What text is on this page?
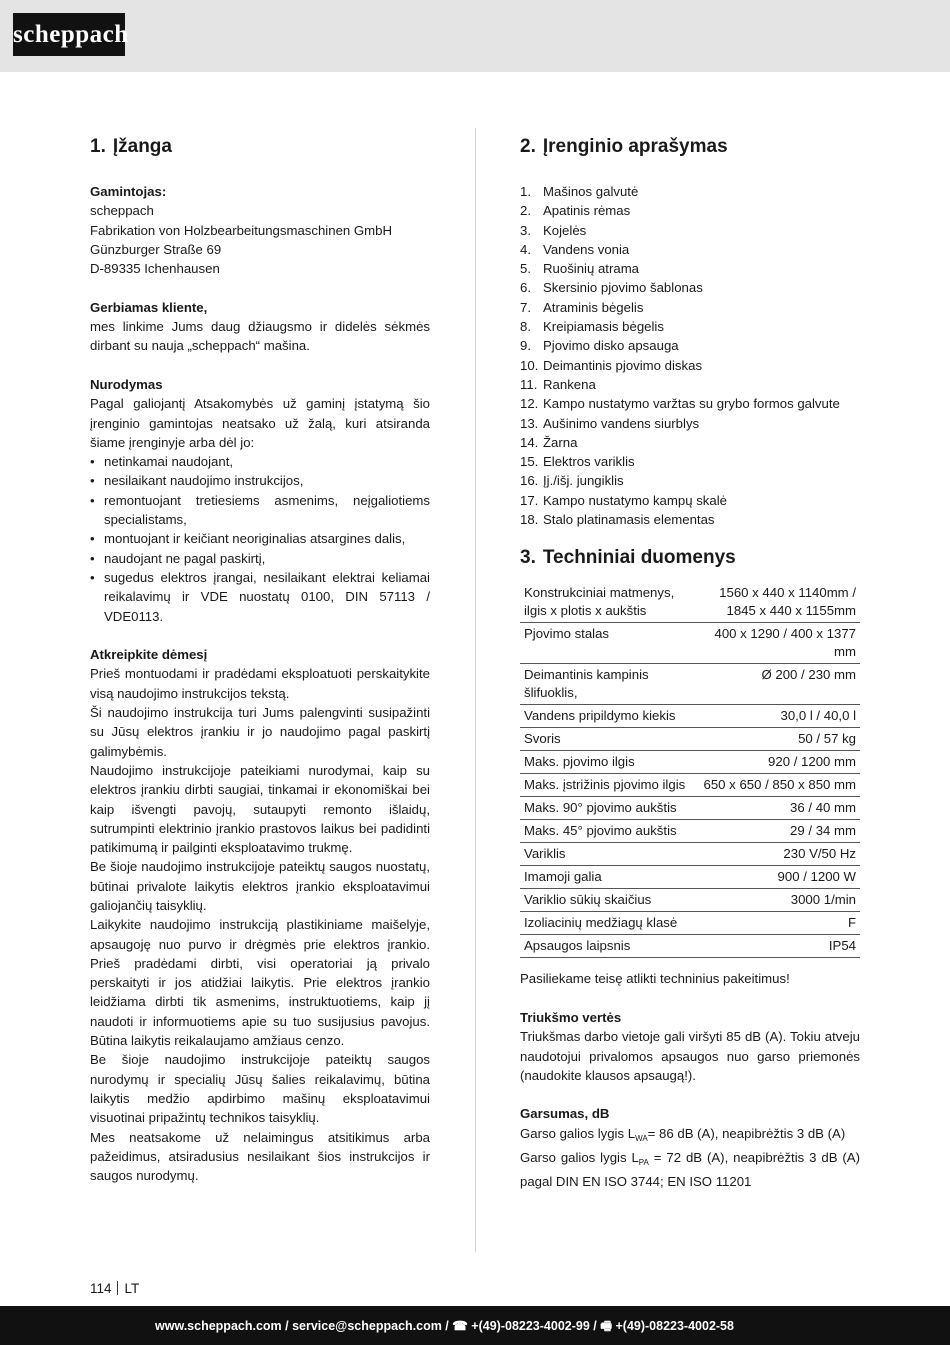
scheppach
1. Įžanga

Gamintojas:

scheppach

Fabrikation von Holzbearbeitungsmaschinen GmbH

Günzburger Straße 69

D-89335 Ichenhausen

Gerbiamas kliente,

mes linkime Jums daug džiaugsmo ir didelės sėkmės dirbant su nauja „scheppach“ mašina.

Nurodymas

Pagal galiojantį Atsakomybės už gaminį įstatymą šio įrenginio gamintojas neatsako už žalą, kuri atsiranda šiame įrenginyje arba dėl jo:

• netinkamai naudojant,
• nesilaikant naudojimo instrukcijos,
• remontuojant tretiesiems asmenims, neįgaliotiems specialistams,
• montuojant ir keičiant neoriginalias atsargines dalis,
• naudojant ne pagal paskirtį,
• sugedus elektros įrangai, nesilaikant elektrai keliamai reikalavimų ir VDE nuostatų 0100, DIN 57113 / VDE0113.

Atkreipkite dėmesį

Prieš montuodami ir pradėdami eksploatuoti perskaitykite visą naudojimo instrukcijos tekstą.

Ši naudojimo instrukcija turi Jums palengvinti susipažinti su Jūsų elektros įrankiu ir jo naudojimo pagal paskirtį galimybėmis.

Naudojimo instrukcijoje pateikiami nurodymai, kaip su elektros įrankiu dirbti saugiai, tinkamai ir ekonomiškai bei kaip išvengti pavojų, sutaupyti remonto išlaidų, sutrumpinti elektrinio įrankio prastovos laikus bei padidinti patikimumą ir pailginti eksploatavimo trukmę.

Be šioje naudojimo instrukcijoje pateiktų saugos nuostatų, būtinai privalote laikytis elektros įrankio eksploatavimui galiojančių taisyklių.

Laikykite naudojimo instrukciją plastikiniame maišelyje, apsaugoję nuo purvo ir drėgmės prie elektros įrankio. Prieš pradėdami dirbti, visi operatoriai ją privalo perskaityti ir jos atidžiai laikytis. Prie elektros įrankio leidžiama dirbti tik asmenims, instruktuotiems, kaip jį naudoti ir informuotiems apie su tuo susijusius pavojus. Būtina laikytis reikalaujamo amžiaus cenzo.

Be šioje naudojimo instrukcijoje pateiktų saugos nurodymų ir specialių Jūsų šalies reikalavimų, būtina laikytis medžio apdirbimo mašinų eksploatavimui visuotinai pripažintų technikos taisyklių.

Mes neatsakome už nelaimingus atsitikimus arba pažeidimus, atsiradusius nesilaikant šios instrukcijos ir saugos nurodymų.

2. Įrenginio aprašymas
1. Mašinos galvutė
2. Apatinis rėmas
3. Kojelės
4. Vandens vonia
5. Ruošinių atrama
6. Skersinio pjovimo šablonas
7. Atraminis bėgelis
8. Kreipiamasis bėgelis
9. Pjovimo disko apsauga
10. Deimantinis pjovimo diskas
11. Rankena
12. Kampo nustatymo varžtas su grybo formos galvute
13. Aušinimo vandens siurblys
14. Žarna
15. Elektros variklis
16. Įj./išj. jungiklis
17. Kampo nustatymo kampų skalė
18. Stalo platinamasis elementas
3. Techniniai duomenys
Konstrukciniai matmenys, ilgis x plotis x aukštis	1560 x 440 x 1140mm / 1845 x 440 x 1155mm
Pjovimo stalas	400 x 1290 / 400 x 1377 mm
Deimantinis kampinis šlifuoklis,	Ø 200 / 230 mm
Vandens pripildymo kiekis	30,0 l / 40,0 l
Svoris	50 / 57 kg
Maks. pjovimo ilgis	920 / 1200 mm
Maks. įstrižinis pjovimo ilgis	650 x 650 / 850 x 850 mm
Maks. 90° pjovimo aukštis	36 / 40 mm
Maks. 45° pjovimo aukštis	29 / 34 mm
Variklis	230 V/50 Hz
Imamoji galia	900 / 1200 W
Variklio sūkių skaičius	3000 1/min
Izoliacinių medžiagų klasė	F
Apsaugos laipsnis	IP54

Pasiliekame teisę atlikti techninius pakeitimus!

Triukšmo vertės

Triukšmas darbo vietoje gali viršyti 85 dB (A). Tokiu atveju naudotojui privalomos apsaugos nuo garso priemonės (naudokite klausos apsaugą!).

Garsumas, dB

Garso galios lygis $L_{WA}= 86$ dB (A), neapibrėžtis 3 dB (A)

Garso galios lygis $L_{PA} = 72$ dB (A), neapibrėžtis 3 dB (A) pagal DIN EN ISO 3744; EN ISO 11201

114 LT
www.scheppach.com / service@scheppach.com / ☎ +(49)-08223-4002-99 / 🖷 +(49)-08223-4002-58
